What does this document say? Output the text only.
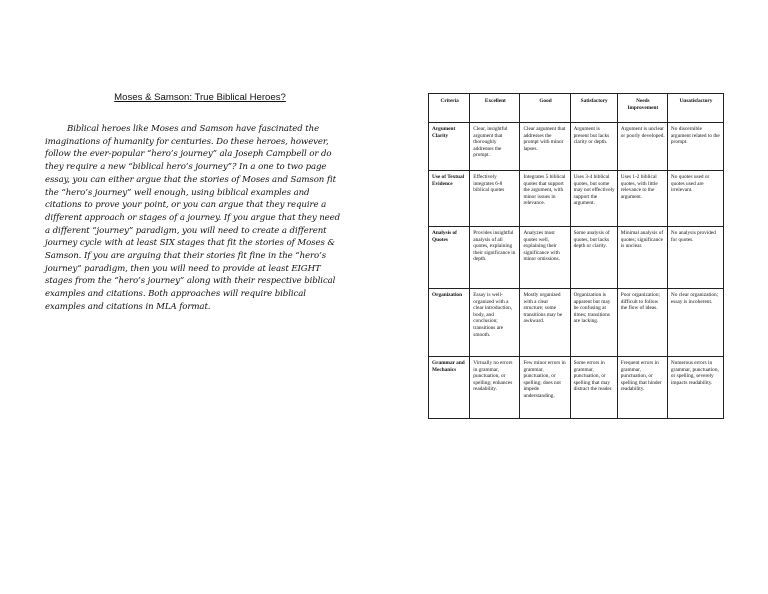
Moses & Samson: True Biblical Heroes?

Biblical heroes like Moses and Samson have fascinated the imaginations of humanity for centuries. Do these heroes, however, follow the ever-popular “hero’s journey” ala Joseph Campbell or do they require a new “biblical hero’s journey”? In a one to two page essay, you can either argue that the stories of Moses and Samson fit the “hero’s journey” well enough, using biblical examples and citations to prove your point, or you can argue that they require a different approach or stages of a journey. If you argue that they need a different “journey” paradigm, you will need to create a different journey cycle with at least SIX stages that fit the stories of Moses & Samson. If you are arguing that their stories fit fine in the “hero’s journey” paradigm, then you will need to provide at least EIGHT stages from the “hero’s journey” along with their respective biblical examples and citations. Both approaches will require biblical examples and citations in MLA format.

Criteria	Excellent	Good	Satisfactory	Needs Improvement	Unsatisfactory
Argument Clarity	Clear, insightful argument that thoroughly addresses the prompt.	Clear argument that addresses the prompt with minor lapses.	Argument is present but lacks clarity or depth.	Argument is unclear or poorly developed.	No discernible argument related to the prompt.
Use of Textual Evidence	Effectively integrates 6-8 biblical quotes	Integrates 5 biblical quotes that support the argument, with minor issues in relevance.	Uses 3-4 biblical quotes, but some may not effectively support the argument.	Uses 1-2 biblical quotes, with little relevance to the argument.	No quotes used or quotes used are irrelevant.
Analysis of Quotes	Provides insightful analysis of all quotes, explaining their significance in depth.	Analyzes most quotes well, explaining their significance with minor omissions.	Some analysis of quotes, but lacks depth or clarity.	Minimal analysis of quotes; significance is unclear.	No analysis provided for quotes.
Organization	Essay is well-organized with a clear introduction, body, and conclusion; transitions are smooth.	Mostly organized with a clear structure; some transitions may be awkward.	Organization is apparent but may be confusing at times; transitions are lacking.	Poor organization; difficult to follow the flow of ideas.	No clear organization; essay is incoherent.
Grammar and Mechanics	Virtually no errors in grammar, punctuation, or spelling; enhances readability.	Few minor errors in grammar, punctuation, or spelling; does not impede understanding.	Some errors in grammar, punctuation, or spelling that may distract the reader.	Frequent errors in grammar, punctuation, or spelling that hinder readability.	Numerous errors in grammar, punctuation, or spelling, severely impacts readability.
